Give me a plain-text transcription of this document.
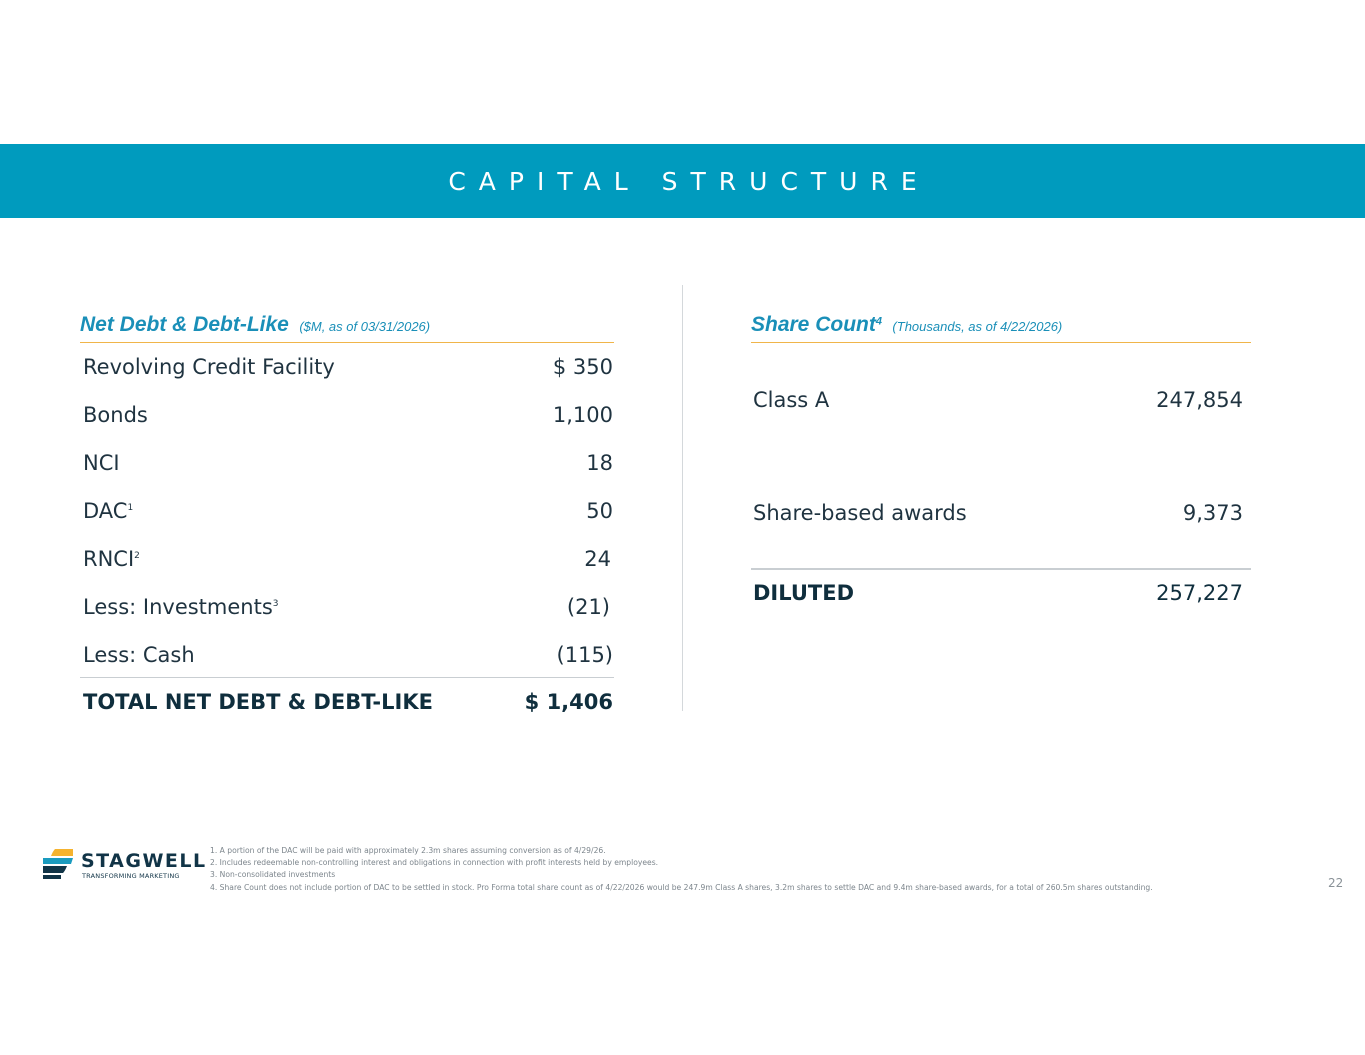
CAPITAL STRUCTURE
Net Debt & Debt-Like ($M, as of 03/31/2026)
Revolving Credit Facility	$ 350
Bonds	1,100
NCI	18
DAC$^1$	50
RNCI$^2$	24
Less: Investments$^3$	(21)
Less: Cash	(115)
TOTAL NET DEBT & DEBT-LIKE	$ 1,406
Share Count$^4$ (Thousands, as of 4/22/2026)
Class A	247,854
Share-based awards	9,373
DILUTED	257,227
STAGWELL
TRANSFORMING MARKETING
1. A portion of the DAC will be paid with approximately 2.3m shares assuming conversion as of 4/29/26.
2. Includes redeemable non-controlling interest and obligations in connection with profit interests held by employees.
3. Non-consolidated investments
4. Share Count does not include portion of DAC to be settled in stock. Pro Forma total share count as of 4/22/2026 would be 247.9m Class A shares, 3.2m shares to settle DAC and 9.4m share-based awards, for a total of 260.5m shares outstanding.	22
